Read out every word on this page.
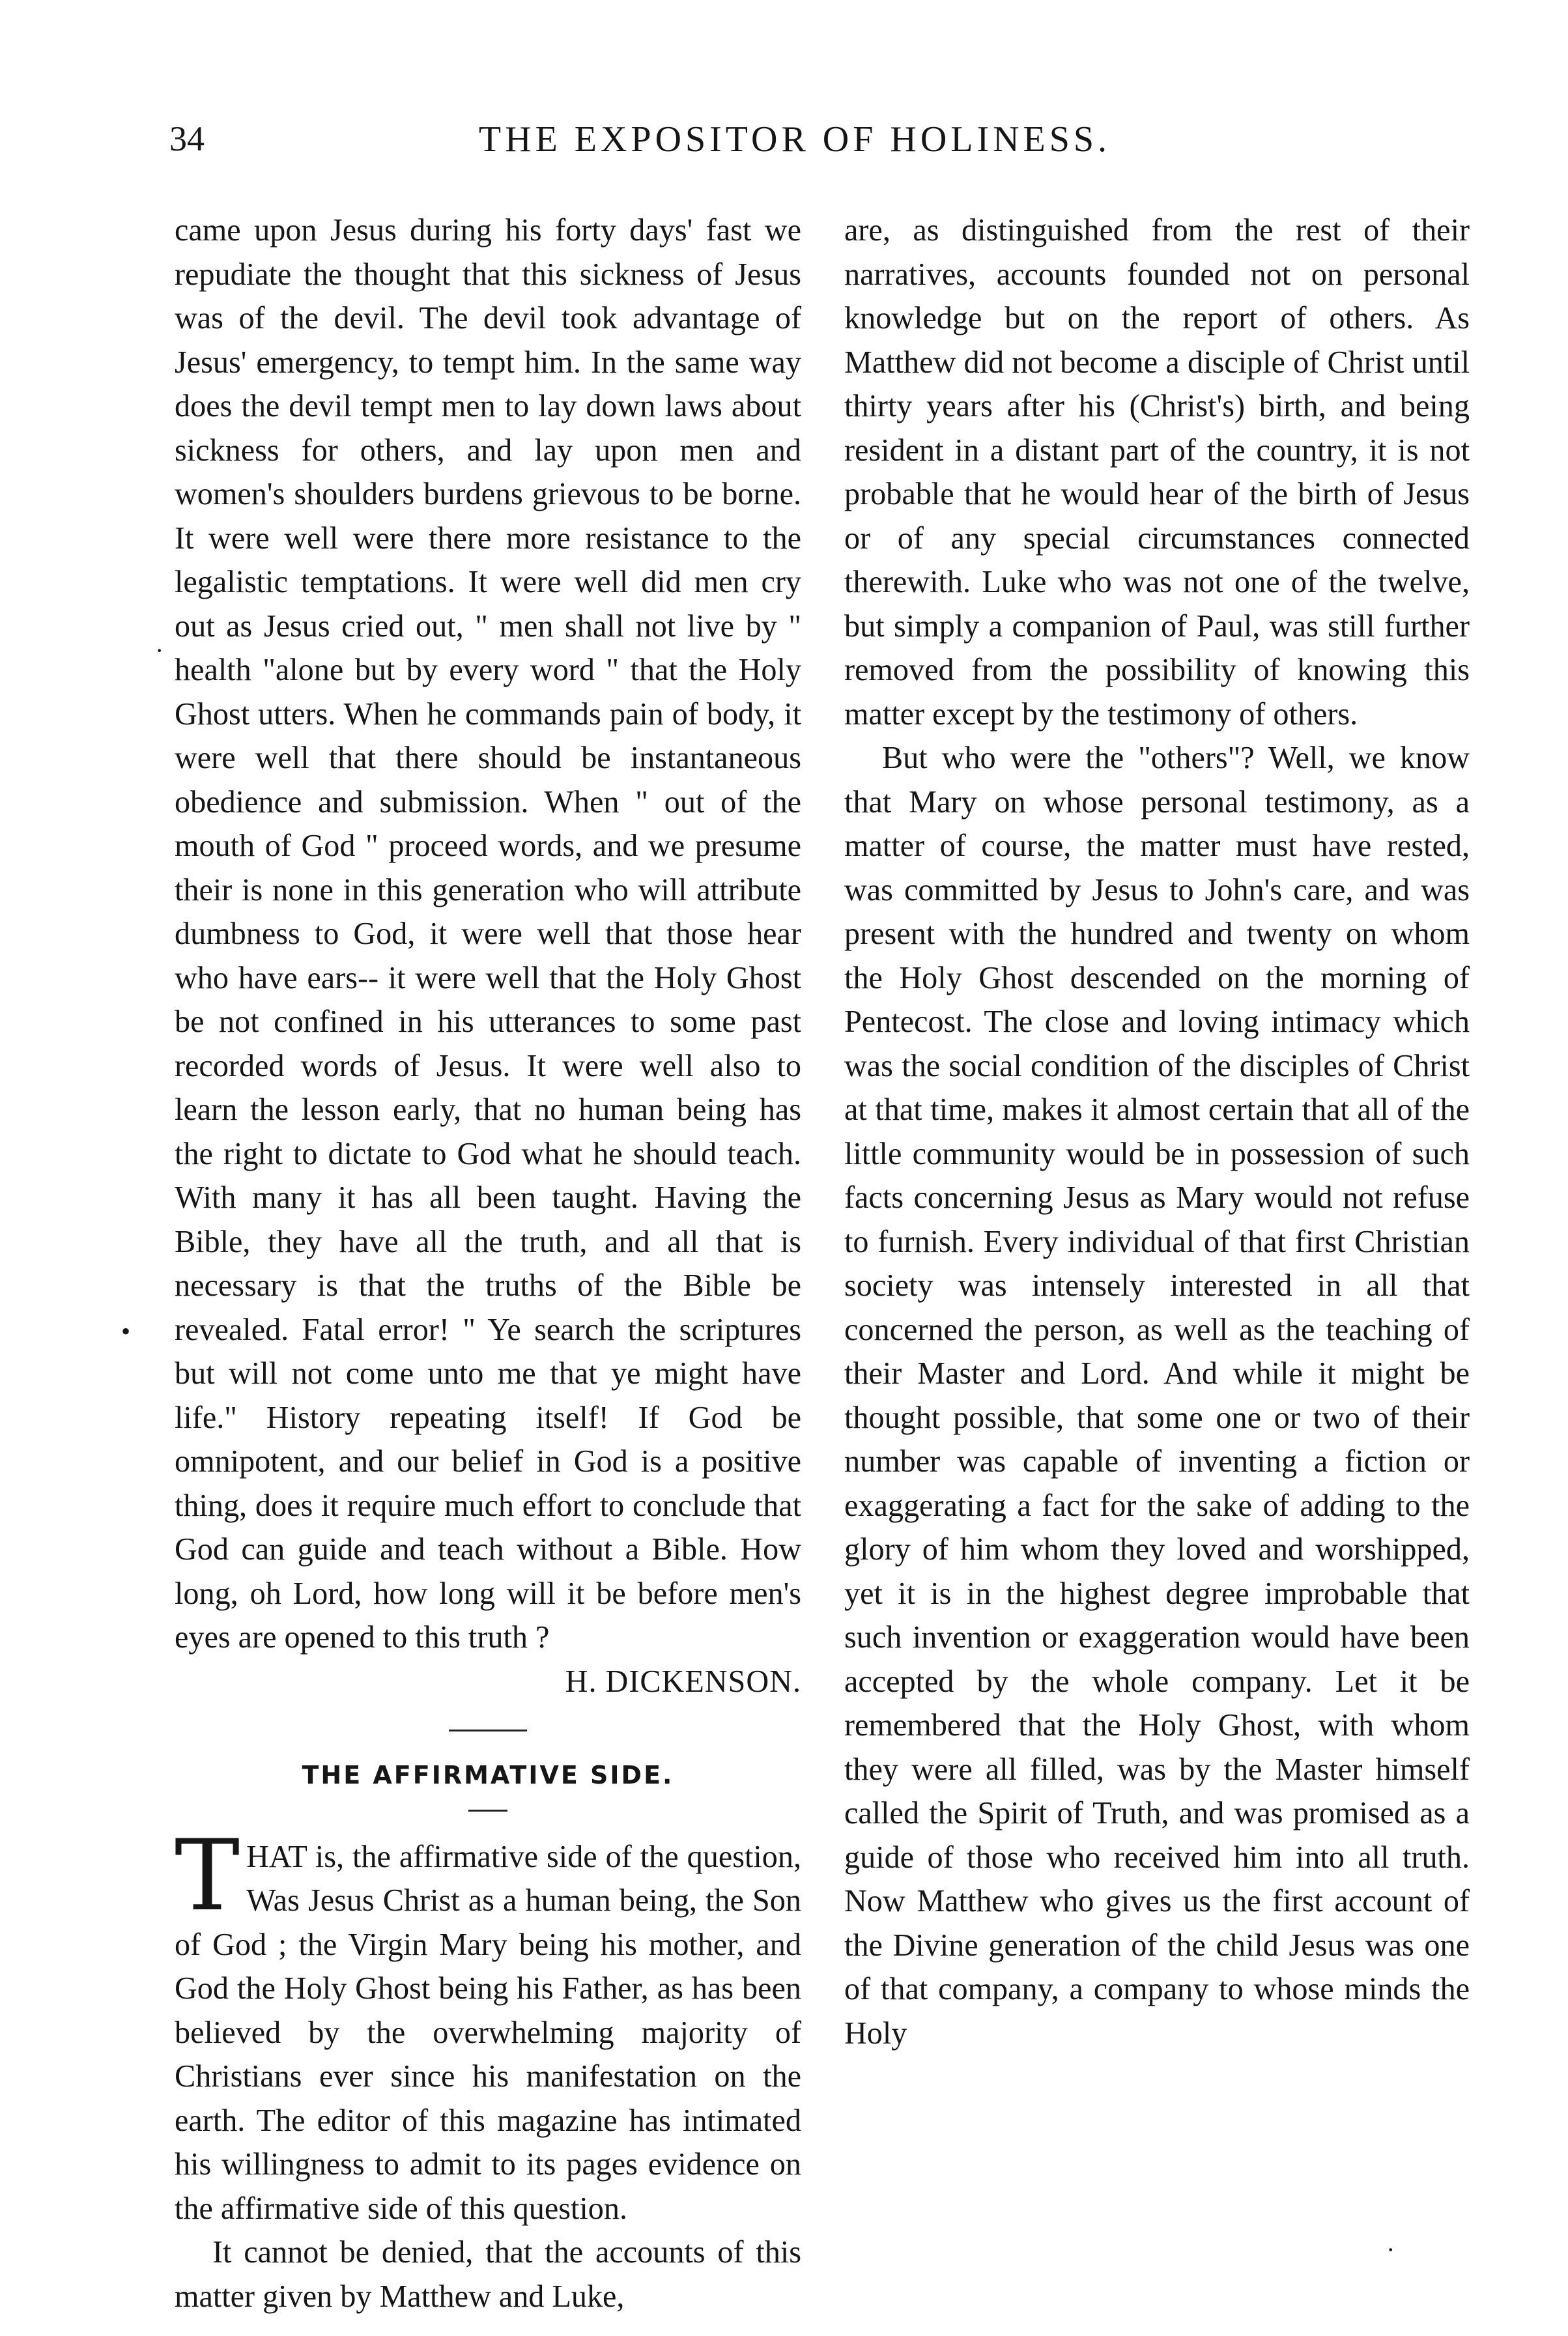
34	THE EXPOSITOR OF HOLINESS.

came upon Jesus during his forty days' fast we repudiate the thought that this sickness of Jesus was of the devil. The devil took advantage of Jesus' emergency, to tempt him. In the same way does the devil tempt men to lay down laws about sickness for others, and lay upon men and women's shoulders burdens grievous to be borne. It were well were there more resistance to the legalistic temptations. It were well did men cry out as Jesus cried out, " men shall not live by " health "alone but by every word " that the Holy Ghost utters. When he commands pain of body, it were well that there should be instantaneous obedience and submission. When " out of the mouth of God " proceed words, and we presume their is none in this generation who will attribute dumbness to God, it were well that those hear who have ears-- it were well that the Holy Ghost be not confined in his utterances to some past recorded words of Jesus. It were well also to learn the lesson early, that no human being has the right to dictate to God what he should teach. With many it has all been taught. Having the Bible, they have all the truth, and all that is necessary is that the truths of the Bible be revealed. Fatal error! " Ye search the scriptures but will not come unto me that ye might have life." History repeating itself! If God be omnipotent, and our belief in God is a positive thing, does it require much effort to conclude that God can guide and teach without a Bible. How long, oh Lord, how long will it be before men's eyes are opened to this truth ?

H. DICKENSON.

THE AFFIRMATIVE SIDE.

THAT is, the affirmative side of the question, Was Jesus Christ as a human being, the Son of God ; the Virgin Mary being his mother, and God the Holy Ghost being his Father, as has been believed by the overwhelming majority of Christians ever since his manifestation on the earth. The editor of this magazine has intimated his willingness to admit to its pages evidence on the affirmative side of this question.

It cannot be denied, that the accounts of this matter given by Matthew and Luke,

are, as distinguished from the rest of their narratives, accounts founded not on personal knowledge but on the report of others. As Matthew did not become a disciple of Christ until thirty years after his (Christ's) birth, and being resident in a distant part of the country, it is not probable that he would hear of the birth of Jesus or of any special circumstances connected therewith. Luke who was not one of the twelve, but simply a companion of Paul, was still further removed from the possibility of knowing this matter except by the testimony of others.

But who were the "others"? Well, we know that Mary on whose personal testimony, as a matter of course, the matter must have rested, was committed by Jesus to John's care, and was present with the hundred and twenty on whom the Holy Ghost descended on the morning of Pentecost. The close and loving intimacy which was the social condition of the disciples of Christ at that time, makes it almost certain that all of the little community would be in possession of such facts concerning Jesus as Mary would not refuse to furnish. Every individual of that first Christian society was intensely interested in all that concerned the person, as well as the teaching of their Master and Lord. And while it might be thought possible, that some one or two of their number was capable of inventing a fiction or exaggerating a fact for the sake of adding to the glory of him whom they loved and worshipped, yet it is in the highest degree improbable that such invention or exaggeration would have been accepted by the whole company. Let it be remembered that the Holy Ghost, with whom they were all filled, was by the Master himself called the Spirit of Truth, and was promised as a guide of those who received him into all truth. Now Matthew who gives us the first account of the Divine generation of the child Jesus was one of that company, a company to whose minds the Holy

·
•
·
